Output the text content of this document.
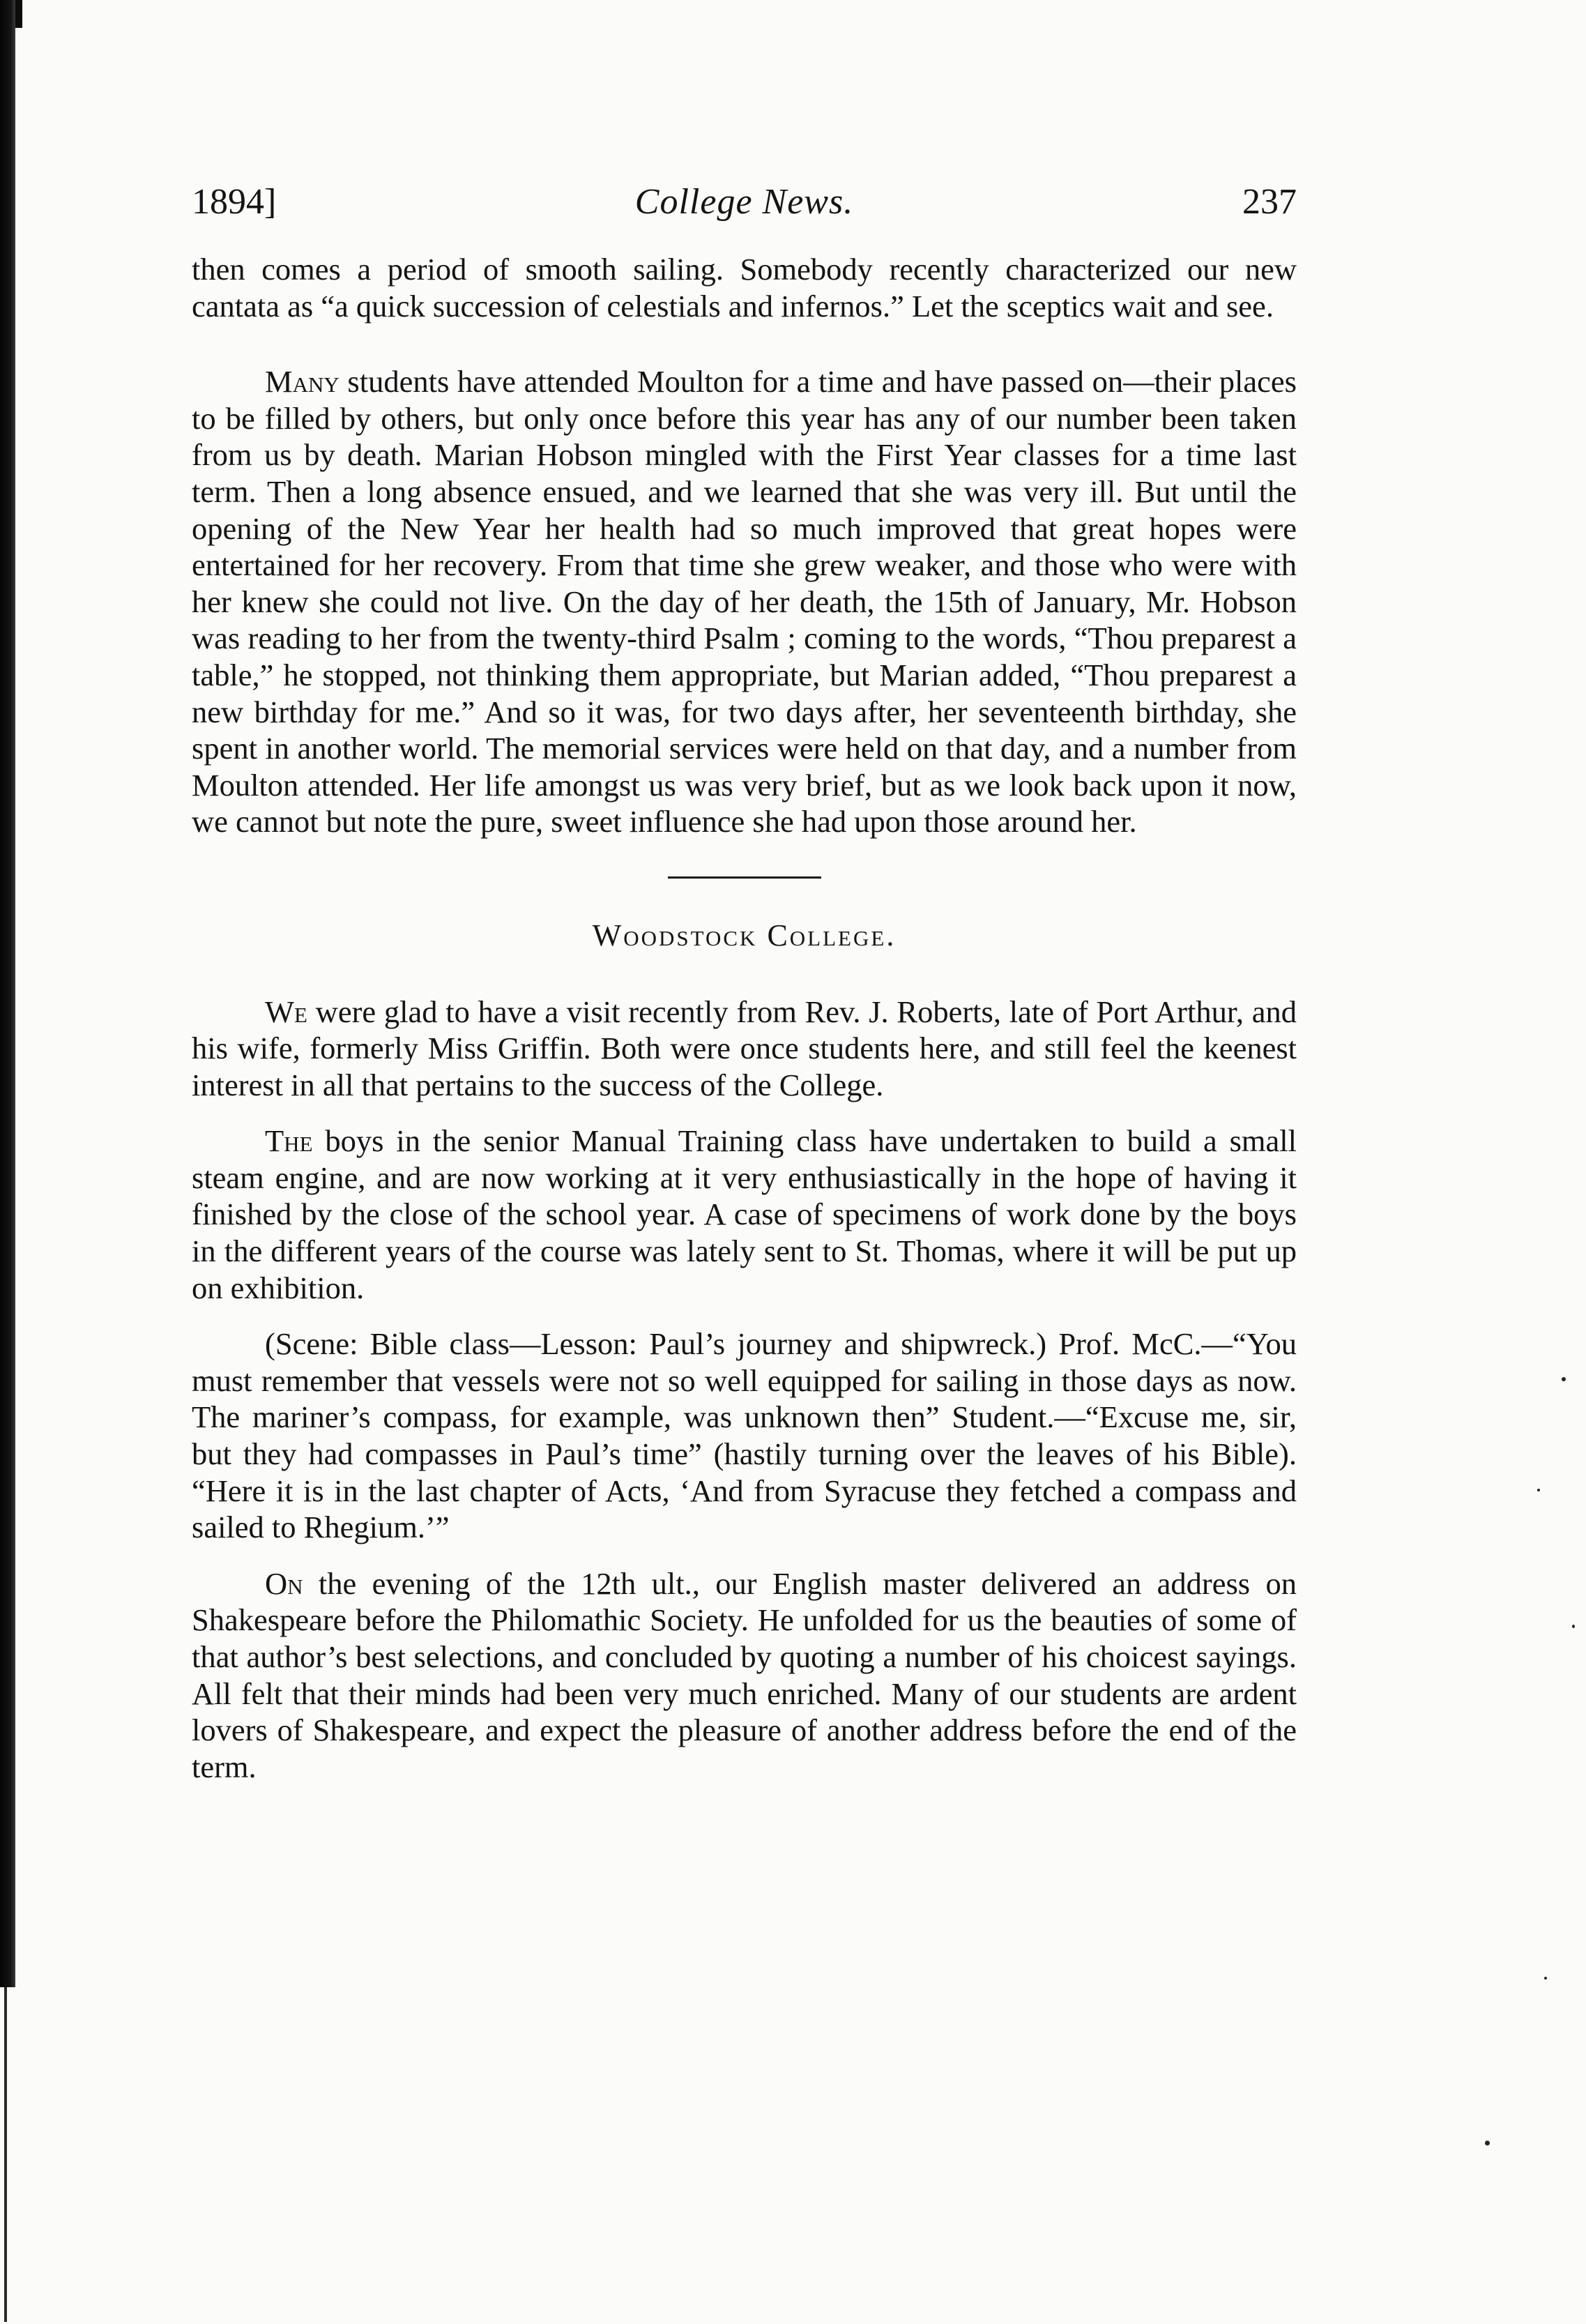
1894]	College News.	237

then comes a period of smooth sailing. Somebody recently characterized our new cantata as “a quick succession of celestials and infernos.” Let the sceptics wait and see.

Many students have attended Moulton for a time and have passed on—their places to be filled by others, but only once before this year has any of our number been taken from us by death. Marian Hobson mingled with the First Year classes for a time last term. Then a long absence ensued, and we learned that she was very ill. But until the opening of the New Year her health had so much improved that great hopes were entertained for her recovery. From that time she grew weaker, and those who were with her knew she could not live. On the day of her death, the 15th of January, Mr. Hobson was reading to her from the twenty-third Psalm ; coming to the words, “Thou preparest a table,” he stopped, not thinking them appropriate, but Marian added, “Thou preparest a new birthday for me.” And so it was, for two days after, her seventeenth birthday, she spent in another world. The memorial services were held on that day, and a number from Moulton attended. Her life amongst us was very brief, but as we look back upon it now, we cannot but note the pure, sweet influence she had upon those around her.

Woodstock College.

We were glad to have a visit recently from Rev. J. Roberts, late of Port Arthur, and his wife, formerly Miss Griffin. Both were once students here, and still feel the keenest interest in all that pertains to the success of the College.

The boys in the senior Manual Training class have undertaken to build a small steam engine, and are now working at it very enthusiastically in the hope of having it finished by the close of the school year. A case of specimens of work done by the boys in the different years of the course was lately sent to St. Thomas, where it will be put up on exhibition.

(Scene: Bible class—Lesson: Paul’s journey and shipwreck.) Prof. McC.—“You must remember that vessels were not so well equipped for sailing in those days as now. The mariner’s compass, for example, was unknown then” Student.—“Excuse me, sir, but they had compasses in Paul’s time” (hastily turning over the leaves of his Bible). “Here it is in the last chapter of Acts, ‘And from Syracuse they fetched a compass and sailed to Rhegium.’”

On the evening of the 12th ult., our English master delivered an address on Shakespeare before the Philomathic Society. He unfolded for us the beauties of some of that author’s best selections, and concluded by quoting a number of his choicest sayings. All felt that their minds had been very much enriched. Many of our students are ardent lovers of Shakespeare, and expect the pleasure of another address before the end of the term.
